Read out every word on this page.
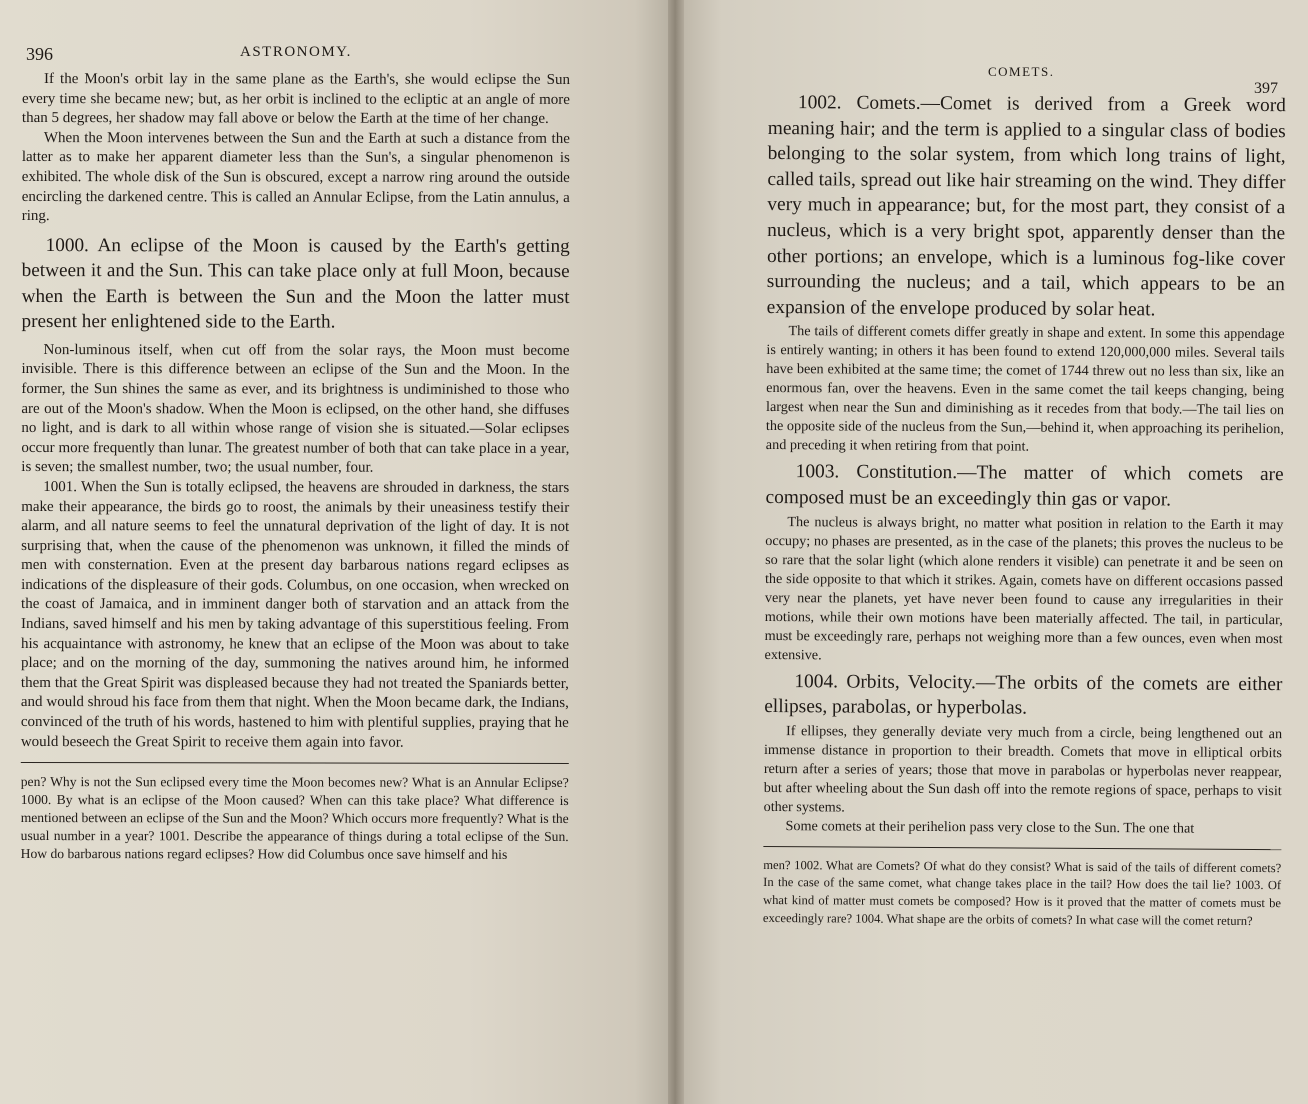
396	ASTRONOMY.

If the Moon's orbit lay in the same plane as the Earth's, she would eclipse the Sun every time she became new; but, as her orbit is inclined to the ecliptic at an angle of more than 5 degrees, her shadow may fall above or below the Earth at the time of her change.

When the Moon intervenes between the Sun and the Earth at such a distance from the latter as to make her apparent diameter less than the Sun's, a singular phenomenon is exhibited. The whole disk of the Sun is obscured, except a narrow ring around the outside encircling the darkened centre. This is called an Annular Eclipse, from the Latin annulus, a ring.

1000. An eclipse of the Moon is caused by the Earth's getting between it and the Sun. This can take place only at full Moon, because when the Earth is between the Sun and the Moon the latter must present her enlightened side to the Earth.

Non-luminous itself, when cut off from the solar rays, the Moon must become invisible. There is this difference between an eclipse of the Sun and the Moon. In the former, the Sun shines the same as ever, and its brightness is undiminished to those who are out of the Moon's shadow. When the Moon is eclipsed, on the other hand, she diffuses no light, and is dark to all within whose range of vision she is situated.—Solar eclipses occur more frequently than lunar. The greatest number of both that can take place in a year, is seven; the smallest number, two; the usual number, four.

1001. When the Sun is totally eclipsed, the heavens are shrouded in darkness, the stars make their appearance, the birds go to roost, the animals by their uneasiness testify their alarm, and all nature seems to feel the unnatural deprivation of the light of day. It is not surprising that, when the cause of the phenomenon was unknown, it filled the minds of men with consternation. Even at the present day barbarous nations regard eclipses as indications of the displeasure of their gods. Columbus, on one occasion, when wrecked on the coast of Jamaica, and in imminent danger both of starvation and an attack from the Indians, saved himself and his men by taking advantage of this superstitious feeling. From his acquaintance with astronomy, he knew that an eclipse of the Moon was about to take place; and on the morning of the day, summoning the natives around him, he informed them that the Great Spirit was displeased because they had not treated the Spaniards better, and would shroud his face from them that night. When the Moon became dark, the Indians, convinced of the truth of his words, hastened to him with plentiful supplies, praying that he would beseech the Great Spirit to receive them again into favor.

pen? Why is not the Sun eclipsed every time the Moon becomes new? What is an Annular Eclipse? 1000. By what is an eclipse of the Moon caused? When can this take place? What difference is mentioned between an eclipse of the Sun and the Moon? Which occurs more frequently? What is the usual number in a year? 1001. Describe the appearance of things during a total eclipse of the Sun. How do barbarous nations regard eclipses? How did Columbus once save himself and his

COMETS.
397

1002. Comets.—Comet is derived from a Greek word meaning hair; and the term is applied to a singular class of bodies belonging to the solar system, from which long trains of light, called tails, spread out like hair streaming on the wind. They differ very much in appearance; but, for the most part, they consist of a nucleus, which is a very bright spot, apparently denser than the other portions; an envelope, which is a luminous fog-like cover surrounding the nucleus; and a tail, which appears to be an expansion of the envelope produced by solar heat.

The tails of different comets differ greatly in shape and extent. In some this appendage is entirely wanting; in others it has been found to extend 120,000,000 miles. Several tails have been exhibited at the same time; the comet of 1744 threw out no less than six, like an enormous fan, over the heavens. Even in the same comet the tail keeps changing, being largest when near the Sun and diminishing as it recedes from that body.—The tail lies on the opposite side of the nucleus from the Sun,—behind it, when approaching its perihelion, and preceding it when retiring from that point.

1003. Constitution.—The matter of which comets are composed must be an exceedingly thin gas or vapor.

The nucleus is always bright, no matter what position in relation to the Earth it may occupy; no phases are presented, as in the case of the planets; this proves the nucleus to be so rare that the solar light (which alone renders it visible) can penetrate it and be seen on the side opposite to that which it strikes. Again, comets have on different occasions passed very near the planets, yet have never been found to cause any irregularities in their motions, while their own motions have been materially affected. The tail, in particular, must be exceedingly rare, perhaps not weighing more than a few ounces, even when most extensive.

1004. Orbits, Velocity.—The orbits of the comets are either ellipses, parabolas, or hyperbolas.

If ellipses, they generally deviate very much from a circle, being lengthened out an immense distance in proportion to their breadth. Comets that move in elliptical orbits return after a series of years; those that move in parabolas or hyperbolas never reappear, but after wheeling about the Sun dash off into the remote regions of space, perhaps to visit other systems.

Some comets at their perihelion pass very close to the Sun. The one that

men? 1002. What are Comets? Of what do they consist? What is said of the tails of different comets? In the case of the same comet, what change takes place in the tail? How does the tail lie? 1003. Of what kind of matter must comets be composed? How is it proved that the matter of comets must be exceedingly rare? 1004. What shape are the orbits of comets? In what case will the comet return?
